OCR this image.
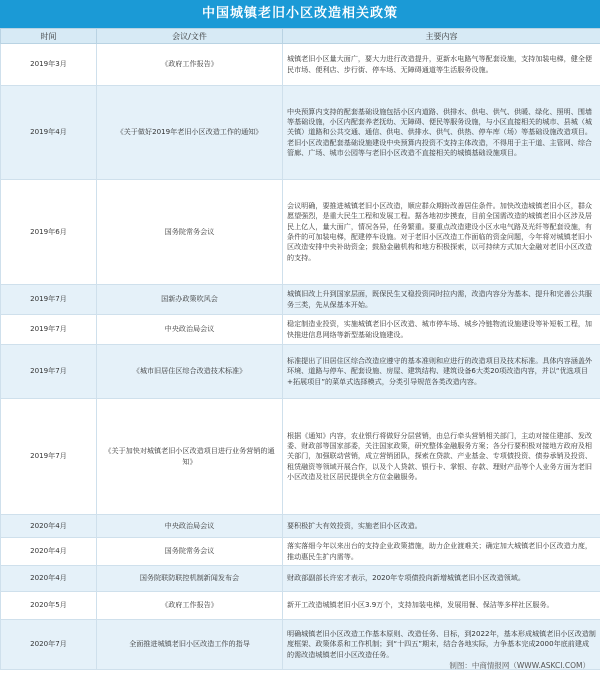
中国城镇老旧小区改造相关政策
时间	会议/文件	主要内容
2019年3月	《政府工作报告》	城镇老旧小区量大面广，要大力进行改造提升，更新水电路气等配套设施，支持加装电梯，健全便民市场、便利店、步行街、停车场、无障碍通道等生活服务设施。
2019年4月	《关于做好2019年老旧小区改造工作的通知》	中央预算内支持的配套基础设施包括小区内道路、供排水、供电、供气、供暖、绿化、照明、围墙等基础设施，小区内配套养老抚幼、无障碍、便民等服务设施，与小区直接相关的城市、县城（城关镇）道路和公共交通、通信、供电、供排水、供气、供热、停车库（场）等基础设施改造项目。老旧小区改造配套基础设施建设中央预算内投资不支持主体改造，不得用于主干道、主管网、综合管廊、广场、城市公园等与老旧小区改造不直接相关的城镇基础设施项目。
2019年6月	国务院常务会议	会议明确，要推进城镇老旧小区改造，顺应群众期盼改善居住条件。加快改造城镇老旧小区，群众愿望强烈，是重大民生工程和发展工程。据各地初步摸查，目前全国需改造的城镇老旧小区涉及居民上亿人，量大面广，情况各异，任务繁重。要重点改造建设小区水电气路及光纤等配套设施，有条件的可加装电梯，配建停车设施。对于老旧小区改造工作面临的资金问题，今年将对城镇老旧小区改造安排中央补助资金；鼓励金融机构和地方积极探索，以可持续方式加大金融对老旧小区改造的支持。
2019年7月	国新办政策吹风会	城镇旧改上升到国家层面，既保民生又稳投资同时拉内需，改造内容分为基本、提升和完善公共服务三类，先从保基本开始。
2019年7月	中央政治局会议	稳定制造业投资，实施城镇老旧小区改造、城市停车场、城乡冷链物流设施建设等补短板工程，加快推进信息网络等新型基础设施建设。
2019年7月	《城市旧居住区综合改造技术标准》	标准提出了旧居住区综合改造应遵守的基本准则和应进行的改造项目及技术标准。具体内容涵盖外环境、道路与停车、配套设施、房屋、建筑结构、建筑设备6大类20项改造内容，并以“优选项目+拓展项目”的菜单式选择模式，分类引导规范各类改造内容。
2019年7月	《关于加快对城镇老旧小区改造项目进行业务营销的通知》	根据《通知》内容，农业银行将做好分层营销，由总行牵头营销相关部门，主动对接住建部、发改委、财政部等国家部委，关注国家政策，研究整体金融服务方案；各分行要积极对接地方政府及相关部门，加强联动营销，成立营销团队，探索在贷款、产业基金、专项债投资、债券承销及投资、租赁融资等领域开展合作，以及个人贷款、银行卡、掌银、存款、理财产品等个人业务方面为老旧小区改造及社区居民提供全方位金融服务。
2020年4月	中央政治局会议	要积极扩大有效投资，实施老旧小区改造。
2020年4月	国务院常务会议	落实落细今年以来出台的支持企业政策措施，助力企业渡难关；确定加大城镇老旧小区改造力度，推动惠民生扩内需等。
2020年4月	国务院联防联控机制新闻发布会	财政部副部长许宏才表示，2020年专项债投向新增城镇老旧小区改造领域。
2020年5月	《政府工作报告》	新开工改造城镇老旧小区3.9万个，支持加装电梯，发展用餐、保洁等多样社区服务。
2020年7月	全面推进城镇老旧小区改造工作的指导	明确城镇老旧小区改造工作基本原则、改造任务、目标，到2022年，基本形成城镇老旧小区改造制度框架、政策体系和工作机制；到“十四五”期末，结合各地实际，力争基本完成2000年底前建成的需改造城镇老旧小区改造任务。
制图：中商情报网（WWW.ASKCI.COM）
